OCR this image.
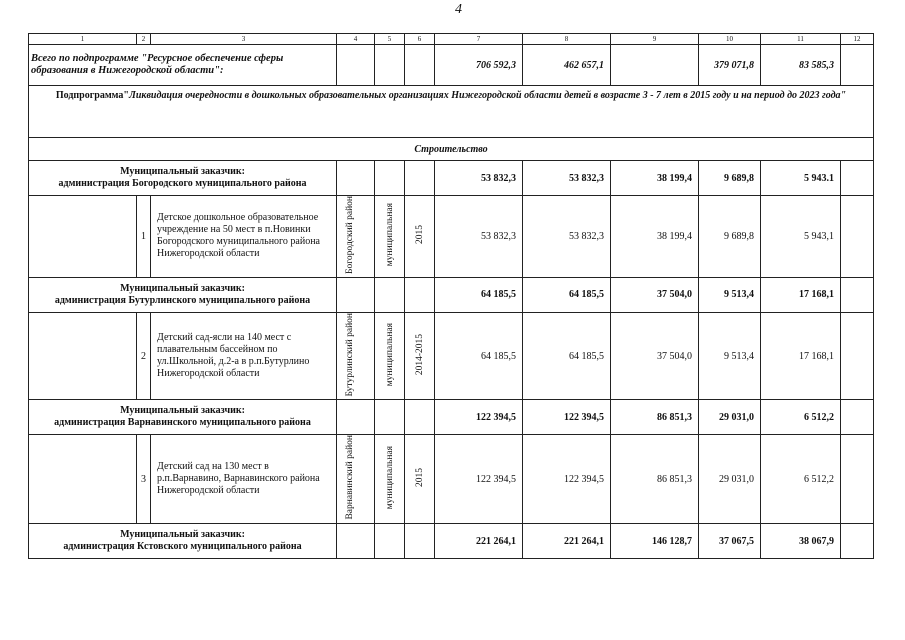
4
1	2	3	4	5	6	7	8	9	10	11	12
Всего по подпрограмме "Ресурсное обеспечение сферы образования в Нижегородской области":						706 592,3	462 657,1		379 071,8	83 585,3	
Подпрограмма"Ликвидация очередности в дошкольных образовательных организациях Нижегородской области детей в возрасте 3 - 7 лет в 2015 году и на период до 2023 года"											
Строительство											
Муниципальный заказчик:
администрация Богородского муниципального района						53 832,3	53 832,3	38 199,4	9 689,8	5 943.1	
	1	Детское дошкольное образовательное учреждение на 50 мест в п.Новинки Богородского муниципального района Нижегородской области	Богородский район	муниципальная	2015	53 832,3	53 832,3	38 199,4	9 689,8	5 943,1	
Муниципальный заказчик:
администрация Бутурлинского муниципального района						64 185,5	64 185,5	37 504,0	9 513,4	17 168,1	
	2	Детский сад-ясли на 140 мест с плавательным бассейном по ул.Школьной, д.2-а в р.п.Бутурлино Нижегородской области	Бутурлинский район	муниципальная	2014-2015	64 185,5	64 185,5	37 504,0	9 513,4	17 168,1	
Муниципальный заказчик:
администрация Варнавинского муниципального района						122 394,5	122 394,5	86 851,3	29 031,0	6 512,2	
	3	Детский сад на 130 мест в р.п.Варнавино, Варнавинского района Нижегородской области	Варнавинский район	муниципальная	2015	122 394,5	122 394,5	86 851,3	29 031,0	6 512,2	
Муниципальный заказчик:
администрация Кстовского муниципального района						221 264,1	221 264,1	146 128,7	37 067,5	38 067,9	
